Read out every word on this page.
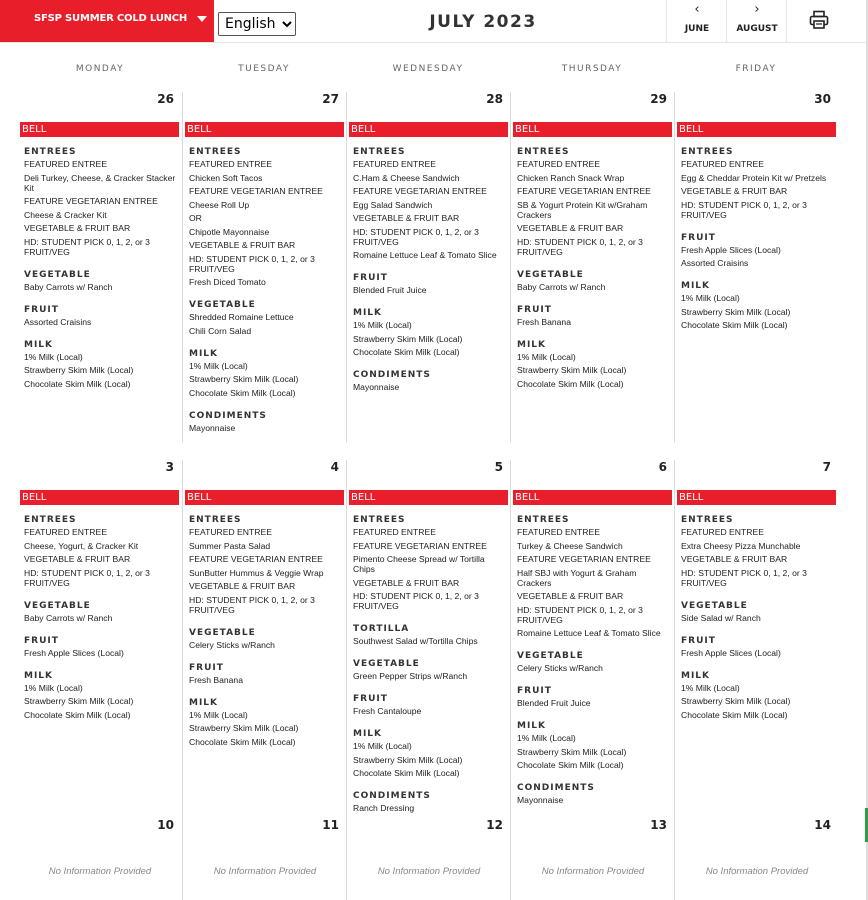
SFSP SUMMER COLD LUNCH
English	JULY 2023
‹
JUNE
›
AUGUST
MONDAY	TUESDAY	WEDNESDAY	THURSDAY	FRIDAY
26
BELL
ENTREES
FEATURED ENTREE
Deli Turkey, Cheese, & Cracker Stacker Kit
FEATURE VEGETARIAN ENTREE
Cheese & Cracker Kit
VEGETABLE & FRUIT BAR
HD: STUDENT PICK 0, 1, 2, or 3 FRUIT/VEG
VEGETABLE
Baby Carrots w/ Ranch
FRUIT
Assorted Craisins
MILK
1% Milk (Local)
Strawberry Skim Milk (Local)
Chocolate Skim Milk (Local)
27
BELL
ENTREES
FEATURED ENTREE
Chicken Soft Tacos
FEATURE VEGETARIAN ENTREE
Cheese Roll Up
OR
Chipotle Mayonnaise
VEGETABLE & FRUIT BAR
HD: STUDENT PICK 0, 1, 2, or 3 FRUIT/VEG
Fresh Diced Tomato
VEGETABLE
Shredded Romaine Lettuce
Chili Corn Salad
MILK
1% Milk (Local)
Strawberry Skim Milk (Local)
Chocolate Skim Milk (Local)
CONDIMENTS
Mayonnaise
28
BELL
ENTREES
FEATURED ENTREE
C.Ham & Cheese Sandwich
FEATURE VEGETARIAN ENTREE
Egg Salad Sandwich
VEGETABLE & FRUIT BAR
HD: STUDENT PICK 0, 1, 2, or 3 FRUIT/VEG
Romaine Lettuce Leaf & Tomato Slice
FRUIT
Blended Fruit Juice
MILK
1% Milk (Local)
Strawberry Skim Milk (Local)
Chocolate Skim Milk (Local)
CONDIMENTS
Mayonnaise
29
BELL
ENTREES
FEATURED ENTREE
Chicken Ranch Snack Wrap
FEATURE VEGETARIAN ENTREE
SB & Yogurt Protein Kit w/Graham Crackers
VEGETABLE & FRUIT BAR
HD: STUDENT PICK 0, 1, 2, or 3 FRUIT/VEG
VEGETABLE
Baby Carrots w/ Ranch
FRUIT
Fresh Banana
MILK
1% Milk (Local)
Strawberry Skim Milk (Local)
Chocolate Skim Milk (Local)
30
BELL
ENTREES
FEATURED ENTREE
Egg & Cheddar Protein Kit w/ Pretzels
VEGETABLE & FRUIT BAR
HD: STUDENT PICK 0, 1, 2, or 3 FRUIT/VEG
FRUIT
Fresh Apple Slices (Local)
Assorted Craisins
MILK
1% Milk (Local)
Strawberry Skim Milk (Local)
Chocolate Skim Milk (Local)
3
BELL
ENTREES
FEATURED ENTREE
Cheese, Yogurt, & Cracker Kit
VEGETABLE & FRUIT BAR
HD: STUDENT PICK 0, 1, 2, or 3 FRUIT/VEG
VEGETABLE
Baby Carrots w/ Ranch
FRUIT
Fresh Apple Slices (Local)
MILK
1% Milk (Local)
Strawberry Skim Milk (Local)
Chocolate Skim Milk (Local)
4
BELL
ENTREES
FEATURED ENTREE
Summer Pasta Salad
FEATURE VEGETARIAN ENTREE
SunButter Hummus & Veggie Wrap
VEGETABLE & FRUIT BAR
HD: STUDENT PICK 0, 1, 2, or 3 FRUIT/VEG
VEGETABLE
Celery Sticks w/Ranch
FRUIT
Fresh Banana
MILK
1% Milk (Local)
Strawberry Skim Milk (Local)
Chocolate Skim Milk (Local)
5
BELL
ENTREES
FEATURED ENTREE
FEATURE VEGETARIAN ENTREE
Pimento Cheese Spread w/ Tortilla Chips
VEGETABLE & FRUIT BAR
HD: STUDENT PICK 0, 1, 2, or 3 FRUIT/VEG
TORTILLA
Southwest Salad w/Tortilla Chips
VEGETABLE
Green Pepper Strips w/Ranch
FRUIT
Fresh Cantaloupe
MILK
1% Milk (Local)
Strawberry Skim Milk (Local)
Chocolate Skim Milk (Local)
CONDIMENTS
Ranch Dressing
6
BELL
ENTREES
FEATURED ENTREE
Turkey & Cheese Sandwich
FEATURE VEGETARIAN ENTREE
Half SBJ with Yogurt & Graham Crackers
VEGETABLE & FRUIT BAR
HD: STUDENT PICK 0, 1, 2, or 3 FRUIT/VEG
Romaine Lettuce Leaf & Tomato Slice
VEGETABLE
Celery Sticks w/Ranch
FRUIT
Blended Fruit Juice
MILK
1% Milk (Local)
Strawberry Skim Milk (Local)
Chocolate Skim Milk (Local)
CONDIMENTS
Mayonnaise
7
BELL
ENTREES
FEATURED ENTREE
Extra Cheesy Pizza Munchable
VEGETABLE & FRUIT BAR
HD: STUDENT PICK 0, 1, 2, or 3 FRUIT/VEG
VEGETABLE
Side Salad w/ Ranch
FRUIT
Fresh Apple Slices (Local)
MILK
1% Milk (Local)
Strawberry Skim Milk (Local)
Chocolate Skim Milk (Local)
10
No Information Provided
11
No Information Provided
12
No Information Provided
13
No Information Provided
14
No Information Provided
